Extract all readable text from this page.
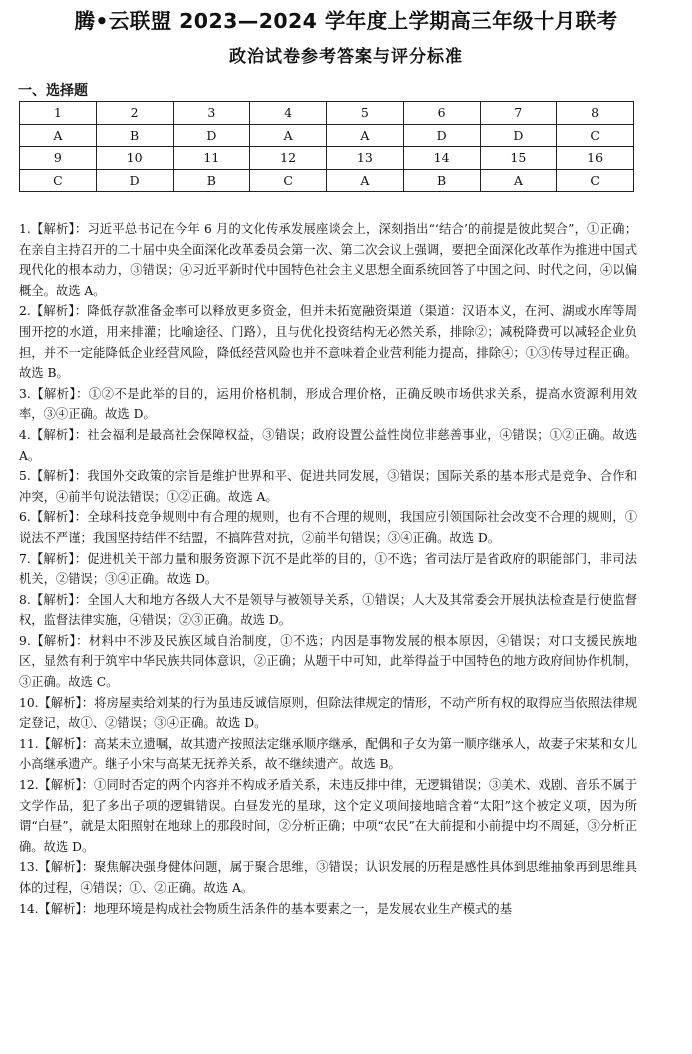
腾•云联盟 2023—2024 学年度上学期高三年级十月联考
政治试卷参考答案与评分标准
一、选择题
1	2	3	4	5	6	7	8
A	B	D	A	A	D	D	C
9	10	11	12	13	14	15	16
C	D	B	C	A	B	A	C

1.【解析】：习近平总书记在今年 6 月的文化传承发展座谈会上，深刻指出“‘结合’的前提是彼此契合”，①正确；在亲自主持召开的二十届中央全面深化改革委员会第一次、第二次会议上强调，要把全面深化改革作为推进中国式现代化的根本动力，③错误；④习近平新时代中国特色社会主义思想全面系统回答了中国之问、时代之问，④以偏概全。故选 A。

2.【解析】：降低存款准备金率可以释放更多资金，但并未拓宽融资渠道（渠道：汉语本义，在河、湖或水库等周围开挖的水道，用来排灌；比喻途径、门路），且与优化投资结构无必然关系，排除②；减税降费可以减轻企业负担，并不一定能降低企业经营风险，降低经营风险也并不意味着企业营利能力提高，排除④；①③传导过程正确。故选 B。

3.【解析】：①②不是此举的目的，运用价格机制，形成合理价格，正确反映市场供求关系，提高水资源利用效率，③④正确。故选 D。

4.【解析】：社会福利是最高社会保障权益，③错误；政府设置公益性岗位非慈善事业，④错误；①②正确。故选 A。

5.【解析】：我国外交政策的宗旨是维护世界和平、促进共同发展，③错误；国际关系的基本形式是竞争、合作和冲突，④前半句说法错误；①②正确。故选 A。

6.【解析】：全球科技竞争规则中有合理的规则，也有不合理的规则，我国应引领国际社会改变不合理的规则，①说法不严谨；我国坚持结伴不结盟，不搞阵营对抗，②前半句错误；③④正确。故选 D。

7.【解析】：促进机关干部力量和服务资源下沉不是此举的目的，①不选；省司法厅是省政府的职能部门，非司法机关，②错误；③④正确。故选 D。

8.【解析】：全国人大和地方各级人大不是领导与被领导关系，①错误；人大及其常委会开展执法检查是行使监督权，监督法律实施，④错误；②③正确。故选 D。

9.【解析】：材料中不涉及民族区域自治制度，①不选；内因是事物发展的根本原因，④错误；对口支援民族地区，显然有利于筑牢中华民族共同体意识，②正确；从题干中可知，此举得益于中国特色的地方政府间协作机制，③正确。故选 C。

10.【解析】：将房屋卖给刘某的行为虽违反诚信原则，但除法律规定的情形，不动产所有权的取得应当依照法律规定登记，故①、②错误；③④正确。故选 D。

11.【解析】：高某未立遗嘱，故其遗产按照法定继承顺序继承，配偶和子女为第一顺序继承人，故妻子宋某和女儿小高继承遗产。继子小宋与高某无抚养关系，故不继续遗产。故选 B。

12.【解析】：①同时否定的两个内容并不构成矛盾关系，未违反排中律，无逻辑错误；③美术、戏剧、音乐不属于文学作品，犯了多出子项的逻辑错误。白昼发光的星球，这个定义项间接地暗含着“太阳”这个被定义项，因为所谓“白昼”，就是太阳照射在地球上的那段时间，②分析正确；中项“农民”在大前提和小前提中均不周延，③分析正确。故选 D。

13.【解析】：聚焦解决强身健体问题，属于聚合思维，③错误；认识发展的历程是感性具体到思维抽象再到思维具体的过程，④错误；①、②正确。故选 A。

14.【解析】：地理环境是构成社会物质生活条件的基本要素之一，是发展农业生产模式的基
